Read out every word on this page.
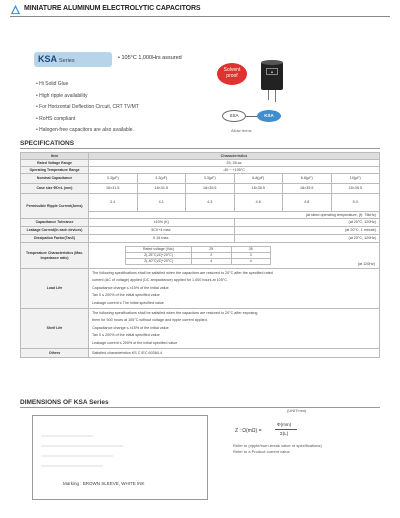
MINIATURE ALUMINUM ELECTROLYTIC CAPACITORS
KSA Series	• 105°C 1,000Hrs assured
• Hi Solid Glue
• High ripple availability
• For Horizontal Deflection Circuit, CRT TV/MT
• RoHS compliant
• Halogen-free capacitors are also available.
Solvent
proof
▲
SSA	KSA
Allow terms
SPECIFICATIONS
Item	Characteristics
Rated Voltage Range	25, 35 ac
Operating Temperature Range	-40 ~ +105°C
Nominal Capacitance	3.3(μF)	3.3(μF)	3.3(μF)	6.8(μF)	6.8(μF)	10(μF)
Case size ΦD×L (mm)	16×31.5	18×31.5	18×35.5	18×35.5	18×35.5	18×35.5
Permissible Ripple Current(Arms)	3.4	4.1	4.3	4.6	4.8	5.4
(at rated operating temperature, (f): 75kHz)
Capacitance Tolerance	±10% (K)	(at 20°C, 120Hz)
Leakage Current(In each devices)	3CV+4 max.	(at 20°C, 1 minute)
Dissipation Factor(Tanδ)	0.15 max.	(at 20°C, 120Hz)
Temperature Characteristics (Max. Impedance ratio)	
Rated voltage (Vdc)	25	35
Z(-25°C)/Z(+20°C)	2	3
Z(-40°C)/Z(+20°C)	4	4
(at 120Hz)

Load Life	
The following specifications shall be satisfied when the capacitors are restored to 20°C after the specified rated
current (AC of voltage) applied (DC ampacitance) applied for 1,000 hours at 105°C.
Capacitance change ≤ ±15% of the initial value
Tan δ ≤ 200% of the initial specified value
Leakage current ≤ The initial specified value

Shelf Life	
The following specifications shall be satisfied when the capacitors are restored to 20°C after exposing
them for 500 hours at 105°C without voltage and ripple current applied.
Capacitance change ≤ ±15% of the initial value
Tan δ ≤ 200% of the initial specified value
Leakage current ≤ 200% of the initial specified value

Others	Satisfied characteristics KS C IEC 60384-4
DIMENSIONS OF KSA Series
(UNIT:mm)
Marking : BROWN SLEEVE, WHITE INK
Z : Ω(mΩ) =
Φ(mm)
Σ(L)
Refer to (ripple/burn-break value or specifications)
Refer to a Product current value.
